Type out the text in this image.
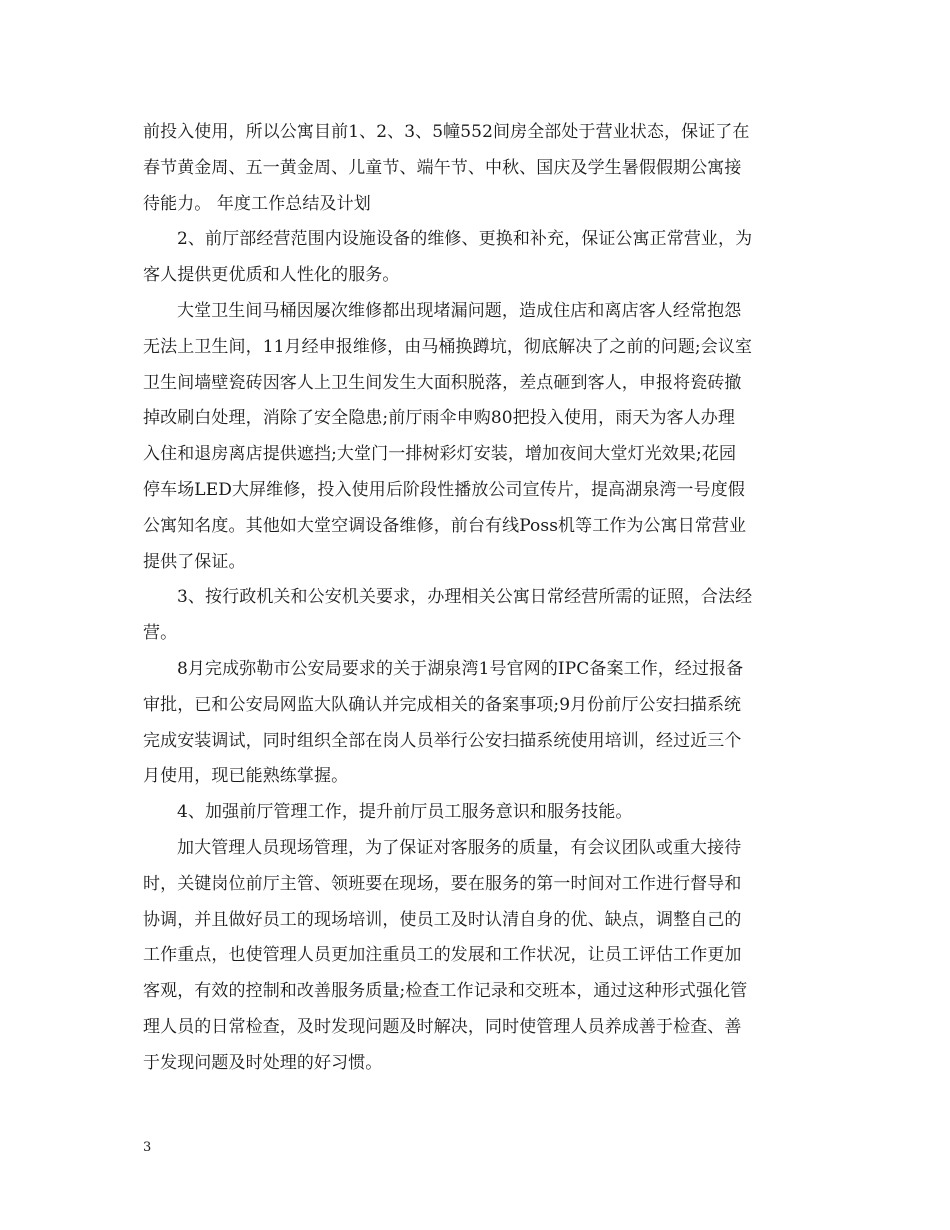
前投入使用，所以公寓目前1、2、3、5幢552间房全部处于营业状态，保证了在
春节黄金周、五一黄金周、儿童节、端午节、中秋、国庆及学生暑假假期公寓接
待能力。 年度工作总结及计划
2、前厅部经营范围内设施设备的维修、更换和补充，保证公寓正常营业，为
客人提供更优质和人性化的服务。
大堂卫生间马桶因屡次维修都出现堵漏问题，造成住店和离店客人经常抱怨
无法上卫生间，11月经申报维修，由马桶换蹲坑，彻底解决了之前的问题;会议室
卫生间墙壁瓷砖因客人上卫生间发生大面积脱落，差点砸到客人，申报将瓷砖撤
掉改刷白处理，消除了安全隐患;前厅雨伞申购80把投入使用，雨天为客人办理
入住和退房离店提供遮挡;大堂门一排树彩灯安装，增加夜间大堂灯光效果;花园
停车场LED大屏维修，投入使用后阶段性播放公司宣传片，提高湖泉湾一号度假
公寓知名度。其他如大堂空调设备维修，前台有线Poss机等工作为公寓日常营业
提供了保证。
3、按行政机关和公安机关要求，办理相关公寓日常经营所需的证照，合法经
营。
8月完成弥勒市公安局要求的关于湖泉湾1号官网的IPC备案工作，经过报备
审批，已和公安局网监大队确认并完成相关的备案事项;9月份前厅公安扫描系统
完成安装调试，同时组织全部在岗人员举行公安扫描系统使用培训，经过近三个
月使用，现已能熟练掌握。
4、加强前厅管理工作，提升前厅员工服务意识和服务技能。
加大管理人员现场管理，为了保证对客服务的质量，有会议团队或重大接待
时，关键岗位前厅主管、领班要在现场，要在服务的第一时间对工作进行督导和
协调，并且做好员工的现场培训，使员工及时认清自身的优、缺点，调整自己的
工作重点，也使管理人员更加注重员工的发展和工作状况，让员工评估工作更加
客观，有效的控制和改善服务质量;检查工作记录和交班本，通过这种形式强化管
理人员的日常检查，及时发现问题及时解决，同时使管理人员养成善于检查、善
于发现问题及时处理的好习惯。
3
